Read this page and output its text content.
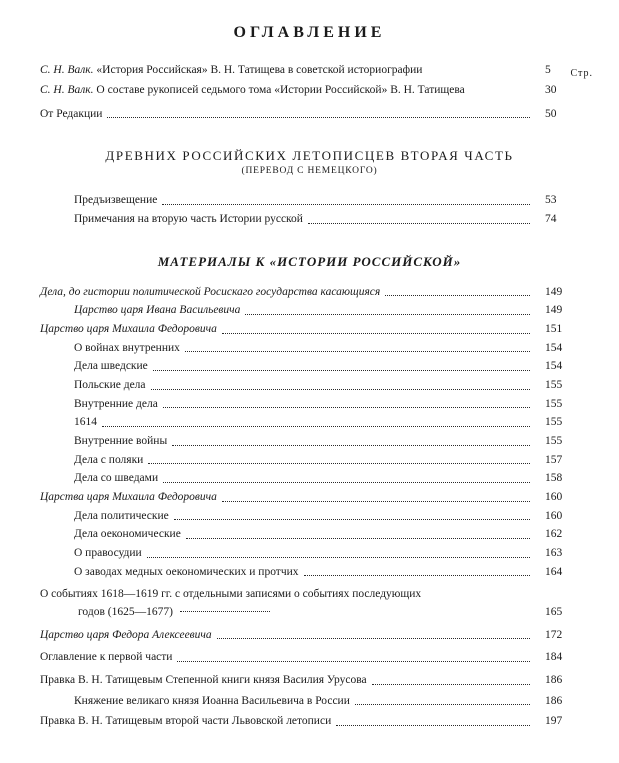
ОГЛАВЛЕНИЕ
Стр.
С. Н. Валк. «История Российская» В. Н. Татищева в советской историографии	5
С. Н. Валк. О составе рукописей седьмого тома «Истории Российской» В. Н. Татищева	30
От Редакции	50
ДРЕВНИХ РОССИЙСКИХ ЛЕТОПИСЦЕВ ВТОРАЯ ЧАСТЬ
(ПЕРЕВОД С НЕМЕЦКОГО)
Предъизвещение	53
Примечания на вторую часть Истории русской	74
МАТЕРИАЛЫ К «ИСТОРИИ РОССИЙСКОЙ»
Дела, до гистории политической Росискаго государства касающияся	149
Царство царя Ивана Васильевича	149
Царство царя Михаила Федоровича	151
О войнах внутренних	154
Дела шведские	154
Польские дела	155
Внутренние дела	155
1614	155
Внутренние войны	155
Дела с поляки	157
Дела со шведами	158
Царства царя Михаила Федоровича	160
Дела политические	160
Дела оекономические	162
О правосудии	163
О заводах медных оекономических и протчих	164
О событиях 1618—1619 гг. с отдельными записями о событиях последующих
годов (1625—1677)	165
Царство царя Федора Алексеевича	172
Оглавление к первой части	184
Правка В. Н. Татищевым Степенной книги князя Василия Урусова	186
Княжение великаго князя Иоанна Васильевича в России	186
Правка В. Н. Татищевым второй части Львовской летописи	197
